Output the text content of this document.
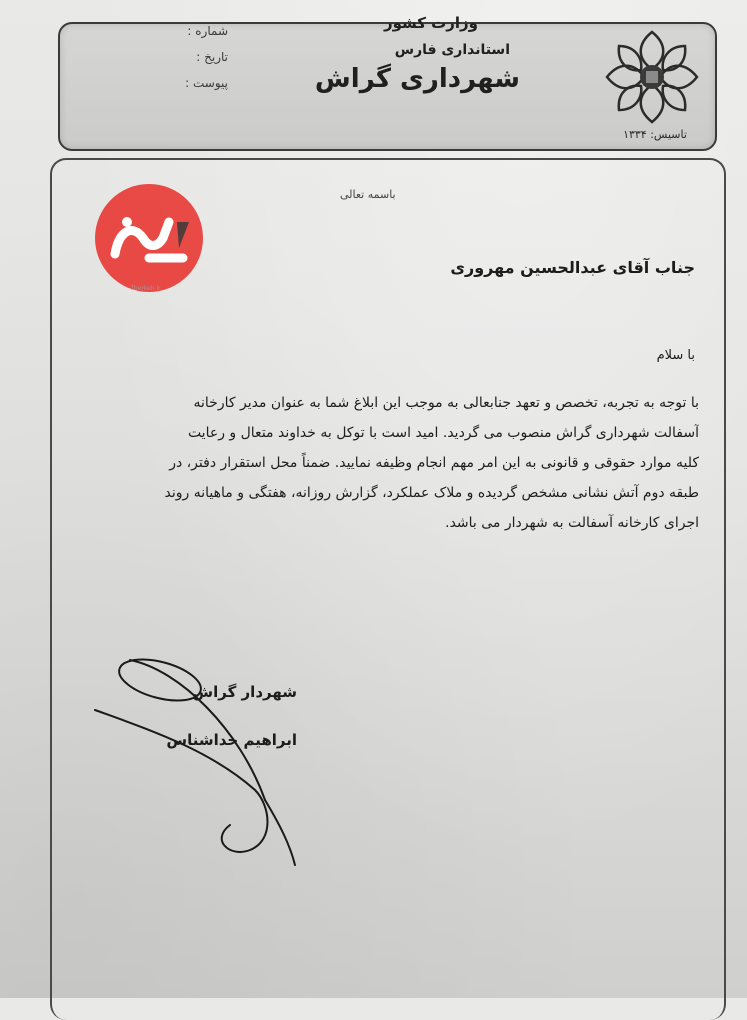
شماره :
تاریخ :
پیوست :
وزارت کشور
استانداری فارس
شهرداری گراش
تاسیس: ۱۳۳۴
باسمه تعالی
جناب آقای عبدالحسین مهروری
با سلام
با توجه به تجربه، تخصص و تعهد جنابعالی به موجب این ابلاغ شما به عنوان مدیر کارخانه
آسفالت شهرداری گراش منصوب می گردید. امید است با توکل به خداوند متعال و رعایت
کلیه موارد حقوقی و قانونی به این امر مهم انجام وظیفه نمایید. ضمناً محل استقرار دفتر، در
طبقه دوم آتش نشانی مشخص گردیده و ملاک عملکرد، گزارش روزانه، هفتگی و ماهیانه روند
اجرای کارخانه آسفالت به شهردار می باشد.
شهردار گراش
ابراهیم خداشناس
7berkeh.ir
